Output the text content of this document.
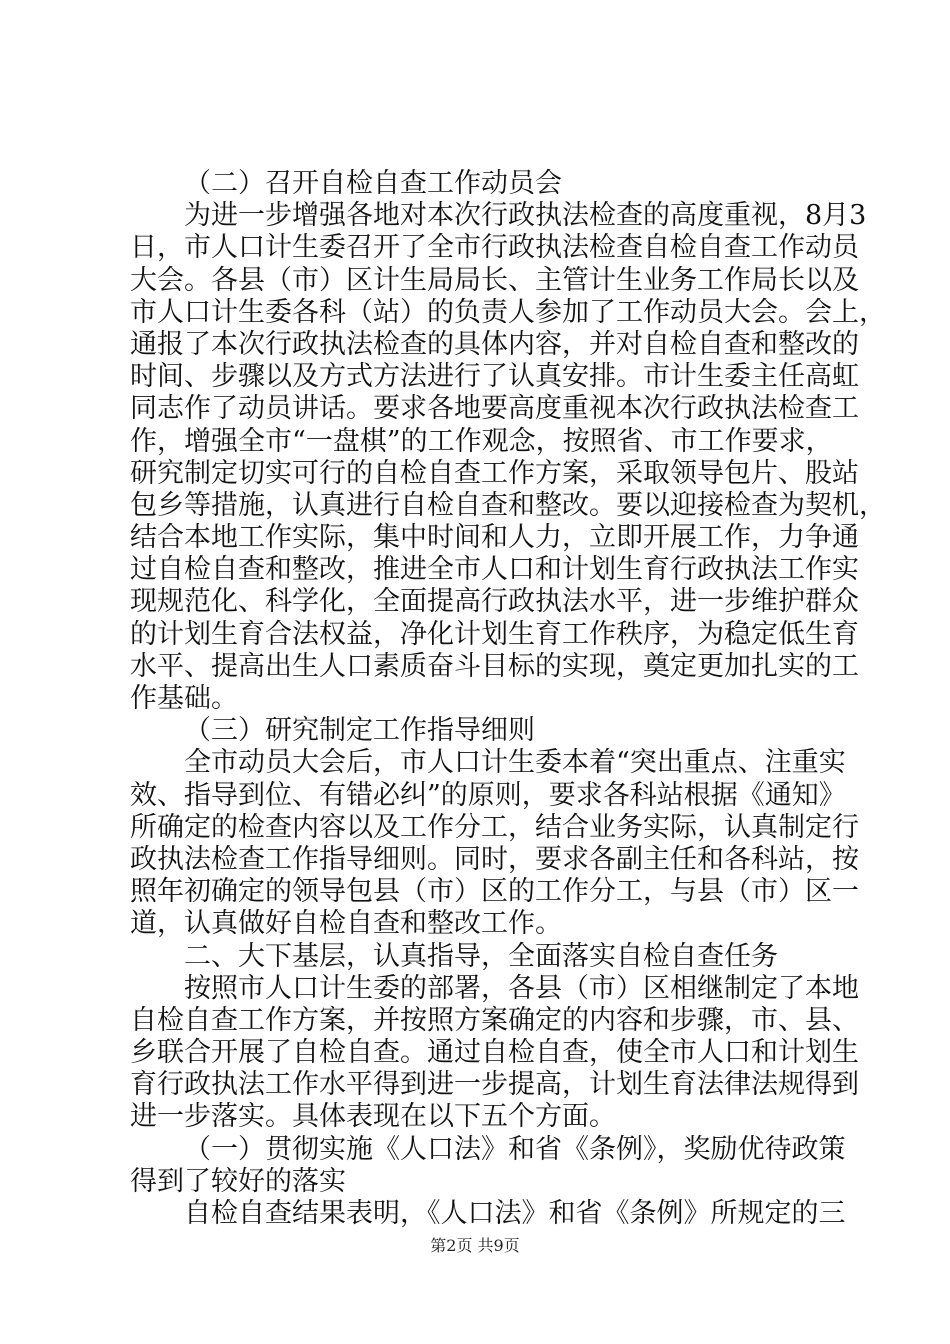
（二）召开自检自查工作动员会
为进一步增强各地对本次行政执法检查的高度重视，8月3
日，市人口计生委召开了全市行政执法检查自检自查工作动员
大会。各县（市）区计生局局长、主管计生业务工作局长以及
市人口计生委各科（站）的负责人参加了工作动员大会。会上，
通报了本次行政执法检查的具体内容，并对自检自查和整改的
时间、步骤以及方式方法进行了认真安排。市计生委主任高虹
同志作了动员讲话。要求各地要高度重视本次行政执法检查工
作，增强全市“一盘棋”的工作观念，按照省、市工作要求，
研究制定切实可行的自检自查工作方案，采取领导包片、股站
包乡等措施，认真进行自检自查和整改。要以迎接检查为契机，
结合本地工作实际，集中时间和人力，立即开展工作，力争通
过自检自查和整改，推进全市人口和计划生育行政执法工作实
现规范化、科学化，全面提高行政执法水平，进一步维护群众
的计划生育合法权益，净化计划生育工作秩序，为稳定低生育
水平、提高出生人口素质奋斗目标的实现，奠定更加扎实的工
作基础。
（三）研究制定工作指导细则
全市动员大会后，市人口计生委本着“突出重点、注重实
效、指导到位、有错必纠”的原则，要求各科站根据《通知》
所确定的检查内容以及工作分工，结合业务实际，认真制定行
政执法检查工作指导细则。同时，要求各副主任和各科站，按
照年初确定的领导包县（市）区的工作分工，与县（市）区一
道，认真做好自检自查和整改工作。
二、大下基层，认真指导，全面落实自检自查任务
按照市人口计生委的部署，各县（市）区相继制定了本地
自检自查工作方案，并按照方案确定的内容和步骤，市、县、
乡联合开展了自检自查。通过自检自查，使全市人口和计划生
育行政执法工作水平得到进一步提高，计划生育法律法规得到
进一步落实。具体表现在以下五个方面。
（一）贯彻实施《人口法》和省《条例》，奖励优待政策
得到了较好的落实
自检自查结果表明，《人口法》和省《条例》所规定的三
第2页 共9页
